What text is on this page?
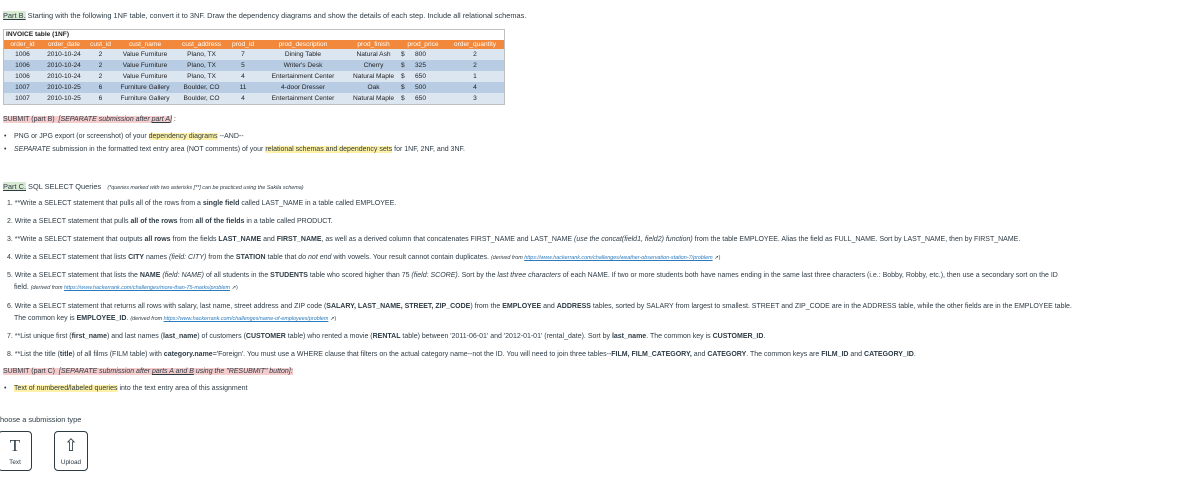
Part B. Starting with the following 1NF table, convert it to 3NF. Draw the dependency diagrams and show the details of each step. Include all relational schemas.
INVOICE table (1NF)
order_id	order_date	cust_id	cust_name	cust_address	prod_id	prod_description	prod_finish	prod_price	order_quantity
1006	2010-10-24	2	Value Furniture	Plano, TX	7	Dining Table	Natural Ash	$ 800	2
1006	2010-10-24	2	Value Furniture	Plano, TX	5	Writer's Desk	Cherry	$ 325	2
1006	2010-10-24	2	Value Furniture	Plano, TX	4	Entertainment Center	Natural Maple	$ 650	1
1007	2010-10-25	6	Furniture Gallery	Boulder, CO	11	4-door Dresser	Oak	$ 500	4
1007	2010-10-25	6	Furniture Gallery	Boulder, CO	4	Entertainment Center	Natural Maple	$ 650	3
SUBMIT (part B) [SEPARATE submission after part A] :
• PNG or JPG export (or screenshot) of your dependency diagrams --AND--
• SEPARATE submission in the formatted text entry area (NOT comments) of your relational schemas and dependency sets for 1NF, 2NF, and 3NF.
Part C. SQL SELECT Queries (*queries marked with two asterisks [**] can be practiced using the Sakila schema)
1. **Write a SELECT statement that pulls all of the rows from a single field called LAST_NAME in a table called EMPLOYEE.
2. Write a SELECT statement that pulls all of the rows from all of the fields in a table called PRODUCT.
3. **Write a SELECT statement that outputs all rows from the fields LAST_NAME and FIRST_NAME, as well as a derived column that concatenates FIRST_NAME and LAST_NAME (use the concat(field1, field2) function) from the table EMPLOYEE. Alias the field as FULL_NAME. Sort by LAST_NAME, then by FIRST_NAME.
4. Write a SELECT statement that lists CITY names (field: CITY) from the STATION table that do not end with vowels. Your result cannot contain duplicates. (derived from https://www.hackerrank.com/challenges/weather-observation-station-7/problem ↗)
5. Write a SELECT statement that lists the NAME (field: NAME) of all students in the STUDENTS table who scored higher than 75 (field: SCORE). Sort by the last three characters of each NAME. If two or more students both have names ending in the same last three characters (i.e.: Bobby, Robby, etc.), then use a secondary sort on the ID
field. (derived from https://www.hackerrank.com/challenges/more-than-75-marks/problem ↗)
6. Write a SELECT statement that returns all rows with salary, last name, street address and ZIP code (SALARY, LAST_NAME, STREET, ZIP_CODE) from the EMPLOYEE and ADDRESS tables, sorted by SALARY from largest to smallest. STREET and ZIP_CODE are in the ADDRESS table, while the other fields are in the EMPLOYEE table.
The common key is EMPLOYEE_ID. (derived from https://www.hackerrank.com/challenges/name-of-employees/problem ↗)
7. **List unique first (first_name) and last names (last_name) of customers (CUSTOMER table) who rented a movie (RENTAL table) between '2011-06-01' and '2012-01-01' (rental_date). Sort by last_name. The common key is CUSTOMER_ID.
8. **List the title (title) of all films (FILM table) with category.name='Foreign'. You must use a WHERE clause that filters on the actual category name--not the ID. You will need to join three tables--FILM, FILM_CATEGORY, and CATEGORY. The common keys are FILM_ID and CATEGORY_ID.
SUBMIT (part C) [SEPARATE submission after parts A and B using the "RESUBMIT" button]:
• Text of numbered/labeled queries into the text entry area of this assignment
hoose a submission type
T
Text
⇧
Upload
